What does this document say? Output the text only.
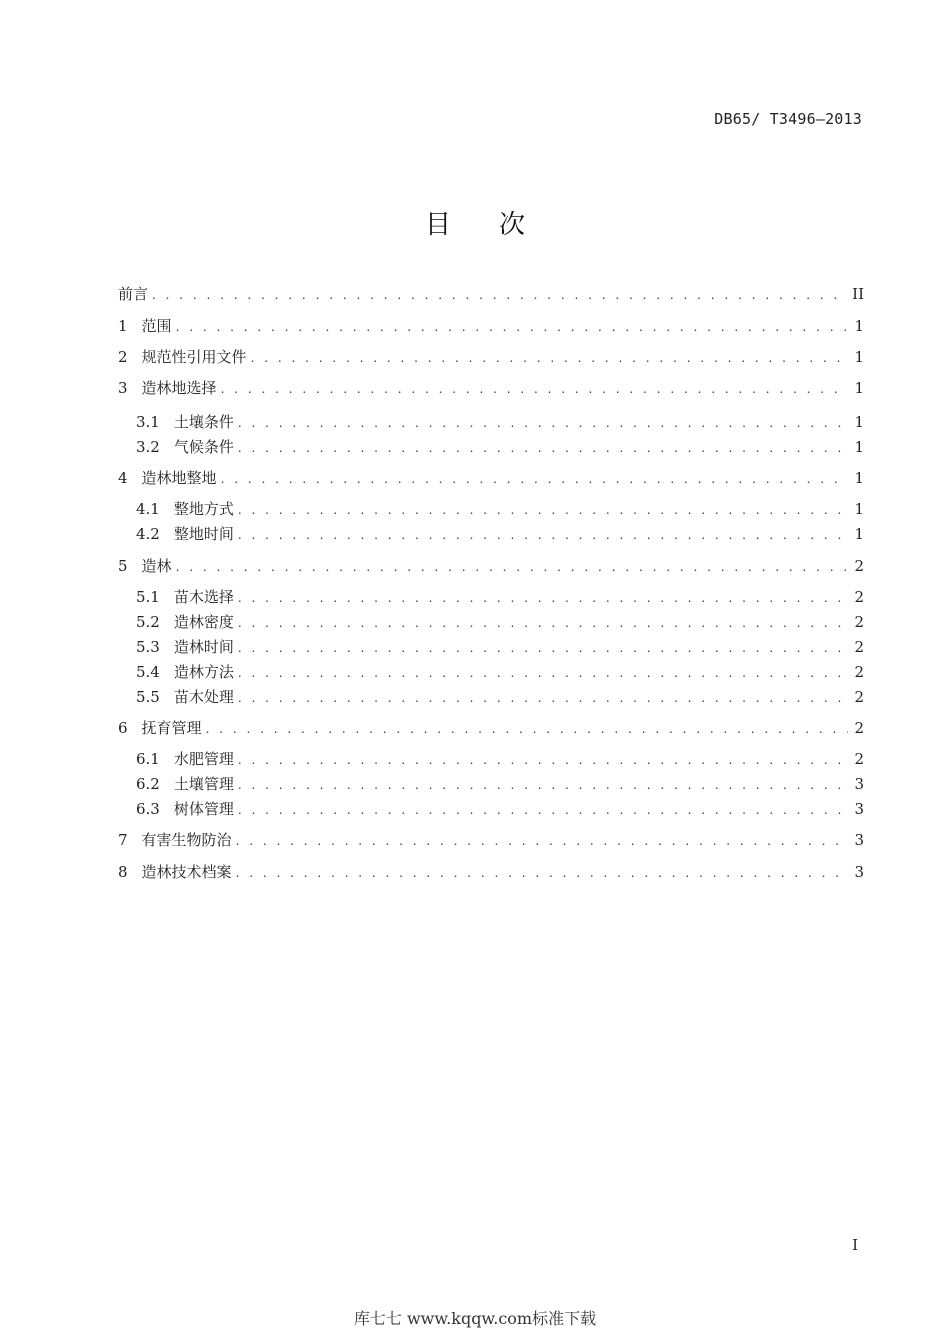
DB65/ T3496—2013
目次
前言 . . .	II
1 范围 . . .	1
2 规范性引用文件 . . .	1
3 造林地选择 . . .	1
3.1 土壤条件 . . .	1
3.2 气候条件 . . .	1
4 造林地整地 . . .	1
4.1 整地方式 . . .	1
4.2 整地时间 . . .	1
5 造林 . . .	2
5.1 苗木选择 . . .	2
5.2 造林密度 . . .	2
5.3 造林时间 . . .	2
5.4 造林方法 . . .	2
5.5 苗木处理 . . .	2
6 抚育管理 . . .	2
6.1 水肥管理 . . .	2
6.2 土壤管理 . . .	3
6.3 树体管理 . . .	3
7 有害生物防治 . . .	3
8 造林技术档案 . . .	3
I
库七七 www.kqqw.com标准下载
